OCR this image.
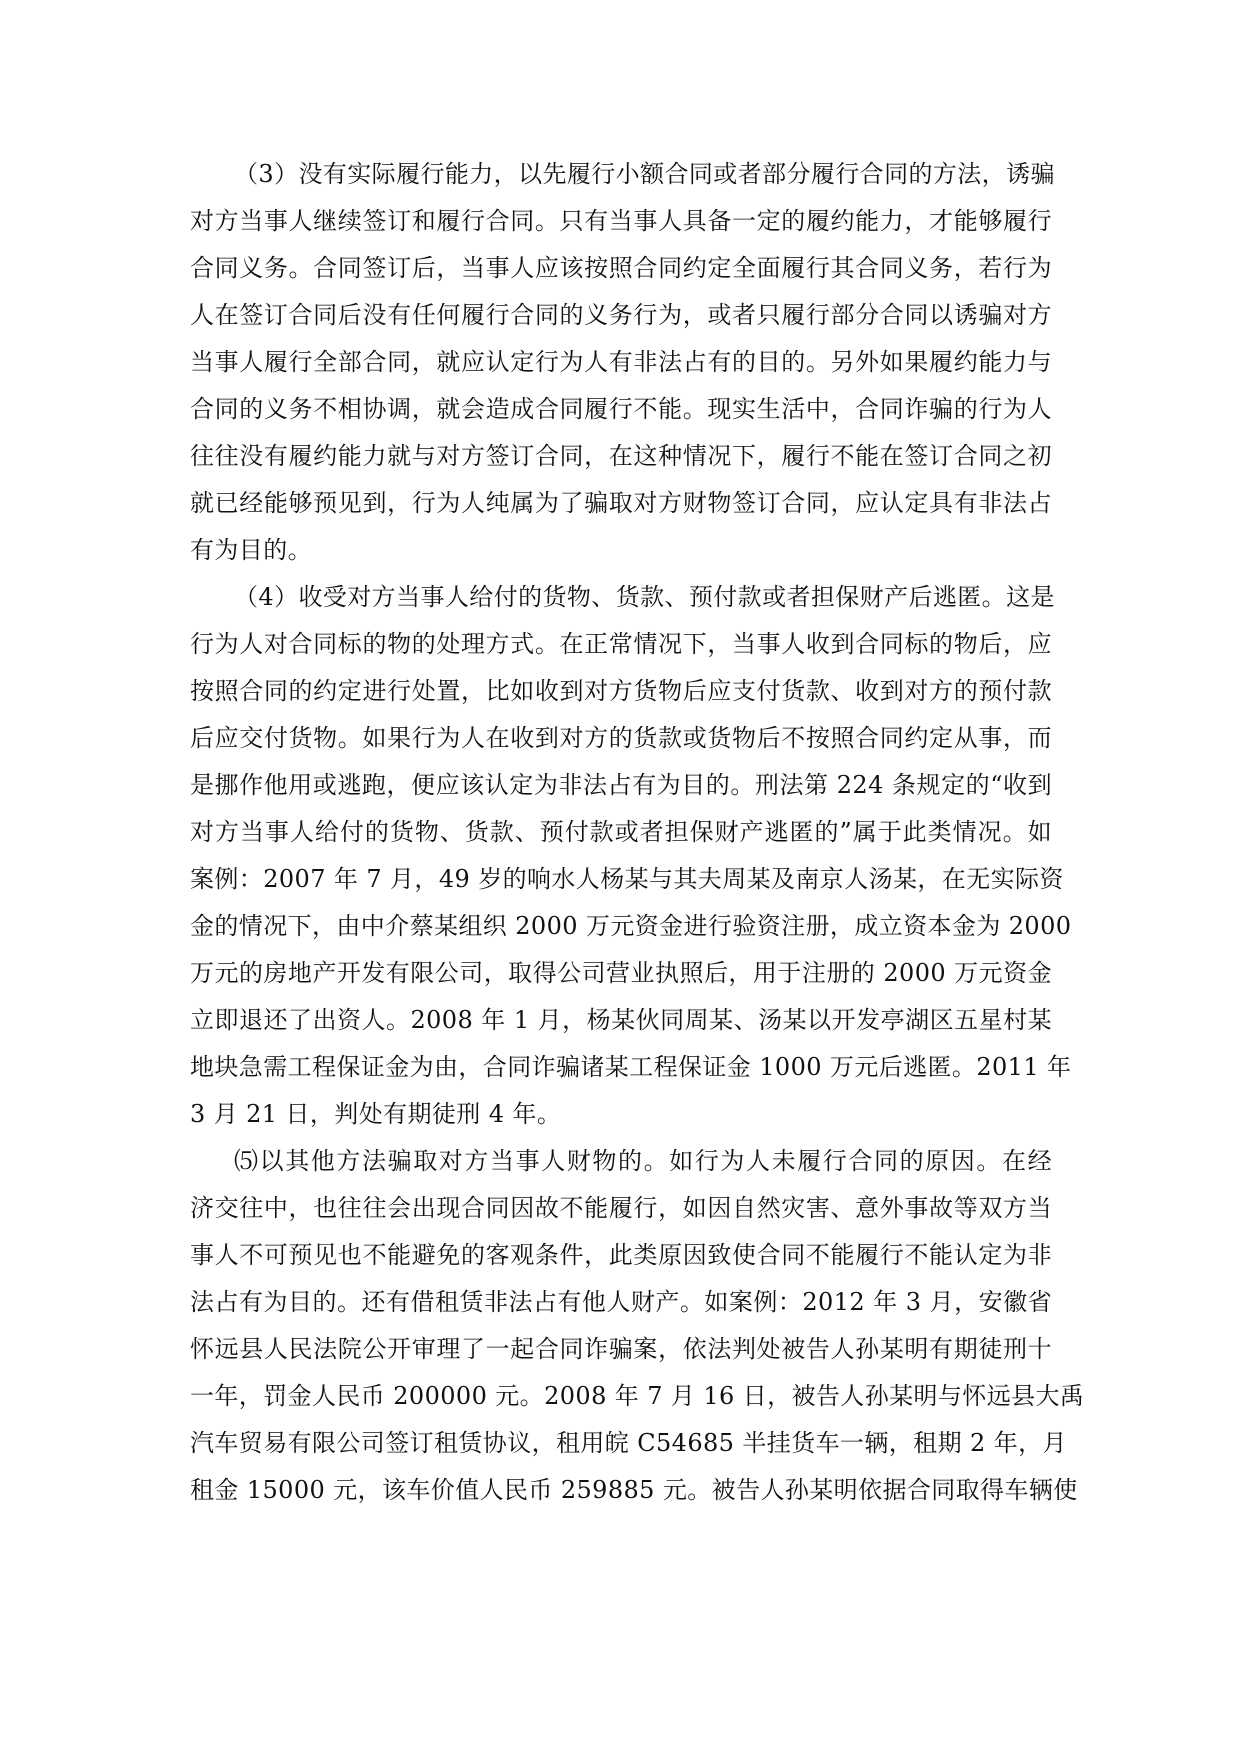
（3）没有实际履行能力，以先履行小额合同或者部分履行合同的方法，诱骗
对方当事人继续签订和履行合同。只有当事人具备一定的履约能力，才能够履行
合同义务。合同签订后，当事人应该按照合同约定全面履行其合同义务，若行为
人在签订合同后没有任何履行合同的义务行为，或者只履行部分合同以诱骗对方
当事人履行全部合同，就应认定行为人有非法占有的目的。另外如果履约能力与
合同的义务不相协调，就会造成合同履行不能。现实生活中，合同诈骗的行为人
往往没有履约能力就与对方签订合同，在这种情况下，履行不能在签订合同之初
就已经能够预见到，行为人纯属为了骗取对方财物签订合同，应认定具有非法占
有为目的。
（4）收受对方当事人给付的货物、货款、预付款或者担保财产后逃匿。这是
行为人对合同标的物的处理方式。在正常情况下，当事人收到合同标的物后，应
按照合同的约定进行处置，比如收到对方货物后应支付货款、收到对方的预付款
后应交付货物。如果行为人在收到对方的货款或货物后不按照合同约定从事，而
是挪作他用或逃跑，便应该认定为非法占有为目的。刑法第 224 条规定的“收到
对方当事人给付的货物、货款、预付款或者担保财产逃匿的”属于此类情况。如
案例：2007 年 7 月，49 岁的响水人杨某与其夫周某及南京人汤某，在无实际资
金的情况下，由中介蔡某组织 2000 万元资金进行验资注册，成立资本金为 2000
万元的房地产开发有限公司，取得公司营业执照后，用于注册的 2000 万元资金
立即退还了出资人。2008 年 1 月，杨某伙同周某、汤某以开发亭湖区五星村某
地块急需工程保证金为由，合同诈骗诸某工程保证金 1000 万元后逃匿。2011 年
3 月 21 日，判处有期徒刑 4 年。
⑸以其他方法骗取对方当事人财物的。如行为人未履行合同的原因。在经
济交往中，也往往会出现合同因故不能履行，如因自然灾害、意外事故等双方当
事人不可预见也不能避免的客观条件，此类原因致使合同不能履行不能认定为非
法占有为目的。还有借租赁非法占有他人财产。如案例：2012 年 3 月，安徽省
怀远县人民法院公开审理了一起合同诈骗案，依法判处被告人孙某明有期徒刑十
一年，罚金人民币 200000 元。2008 年 7 月 16 日，被告人孙某明与怀远县大禹
汽车贸易有限公司签订租赁协议，租用皖 C54685 半挂货车一辆，租期 2 年，月
租金 15000 元，该车价值人民币 259885 元。被告人孙某明依据合同取得车辆使
